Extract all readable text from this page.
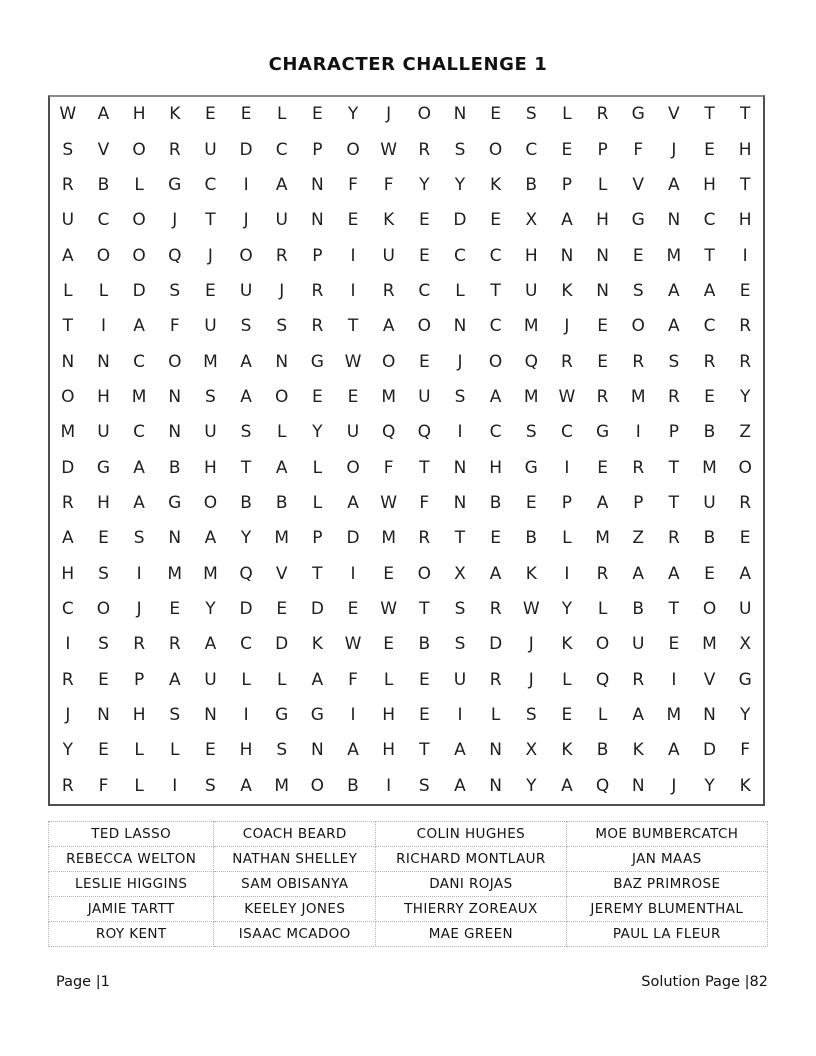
CHARACTER CHALLENGE 1
W A H K E E L E Y J O N E S L R G V T T
S V O R U D C P O W R S O C E P F J E H
R B L G C I A N F F Y Y K B P L V A H T
U C O J T J U N E K E D E X A H G N C H
A O O Q J O R P I U E C C H N N E M T I
L L D S E U J R I R C L T U K N S A A E
T I A F U S S R T A O N C M J E O A C R
N N C O M A N G W O E J O Q R E R S R R
O H M N S A O E E M U S A M W R M R E Y
M U C N U S L Y U Q Q I C S C G I P B Z
D G A B H T A L O F T N H G I E R T M O
R H A G O B B L A W F N B E P A P T U R
A E S N A Y M P D M R T E B L M Z R B E
H S I M M Q V T I E O X A K I R A A E A
C O J E Y D E D E W T S R W Y L B T O U
I S R R A C D K W E B S D J K O U E M X
R E P A U L L A F L E U R J L Q R I V G
J N H S N I G G I H E I L S E L A M N Y
Y E L L E H S N A H T A N X K B K A D F
R F L I S A M O B I S A N Y A Q N J Y K
TED LASSO	COACH BEARD	COLIN HUGHES	MOE BUMBERCATCH
REBECCA WELTON	NATHAN SHELLEY	RICHARD MONTLAUR	JAN MAAS
LESLIE HIGGINS	SAM OBISANYA	DANI ROJAS	BAZ PRIMROSE
JAMIE TARTT	KEELEY JONES	THIERRY ZOREAUX	JEREMY BLUMENTHAL
ROY KENT	ISAAC MCADOO	MAE GREEN	PAUL LA FLEUR
Page |1	Solution Page |82
